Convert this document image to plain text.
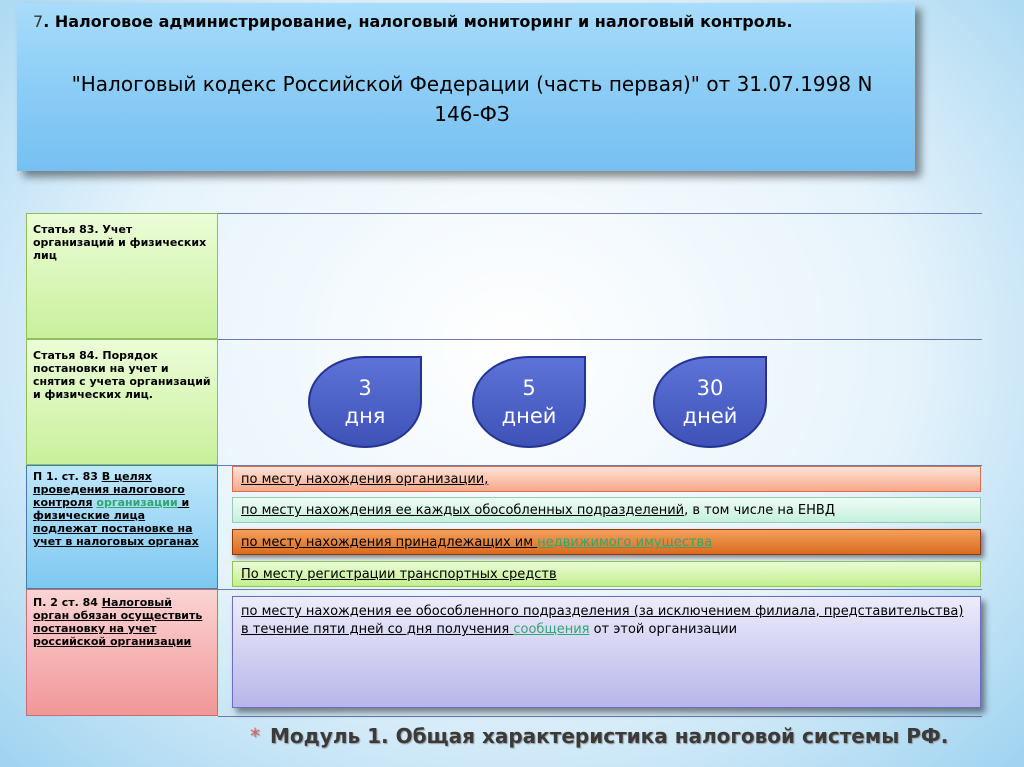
7. Налоговое администрирование, налоговый мониторинг и налоговый контроль.
"Налоговый кодекс Российской Федерации (часть первая)" от 31.07.1998 N 146-ФЗ
Статья 83. Учет организаций и физических лиц
Статья 84. Порядок постановки на учет и снятия с учета организаций и физических лиц.
П 1. ст. 83 В целях проведения налогового контроля организации и физические лица подлежат постановке на учет в налоговых органах
П. 2 ст. 84 Налоговый орган обязан осуществить постановку на учет российской организации
3
дня
5
дней
30
дней
по месту нахождения организации,
по месту нахождения ее каждых обособленных подразделений, в том числе на ЕНВД
по месту нахождения принадлежащих им недвижимого имущества
По месту регистрации транспортных средств
по месту нахождения ее обособленного подразделения (за исключением филиала, представительства) в течение пяти дней со дня получения сообщения от этой организации
* Модуль 1. Общая характеристика налоговой системы РФ.
